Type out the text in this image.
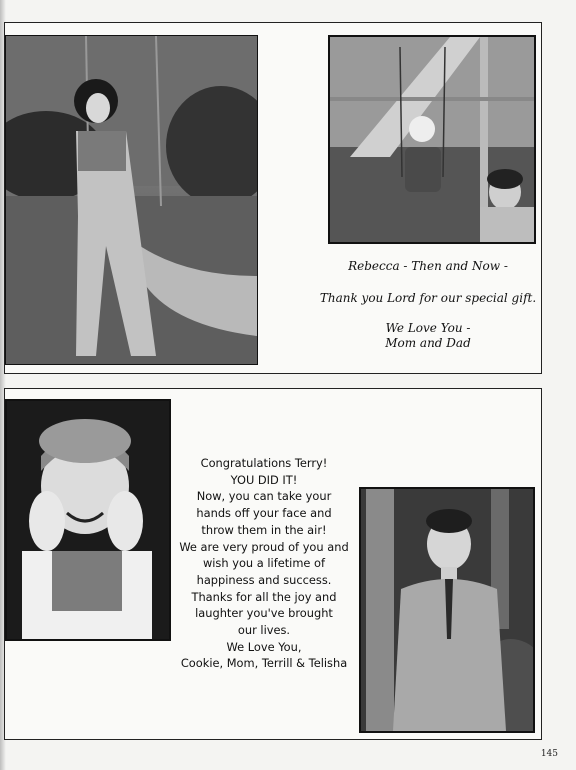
Rebecca - Then and Now -
Thank you Lord for our special gift.
We Love You -
Mom and Dad
Congratulations Terry!
YOU DID IT!
Now, you can take your
hands off your face and
throw them in the air!
We are very proud of you and
wish you a lifetime of
happiness and success.
Thanks for all the joy and
laughter you've brought
our lives.
We Love You,
Cookie, Mom, Terrill & Telisha
145
